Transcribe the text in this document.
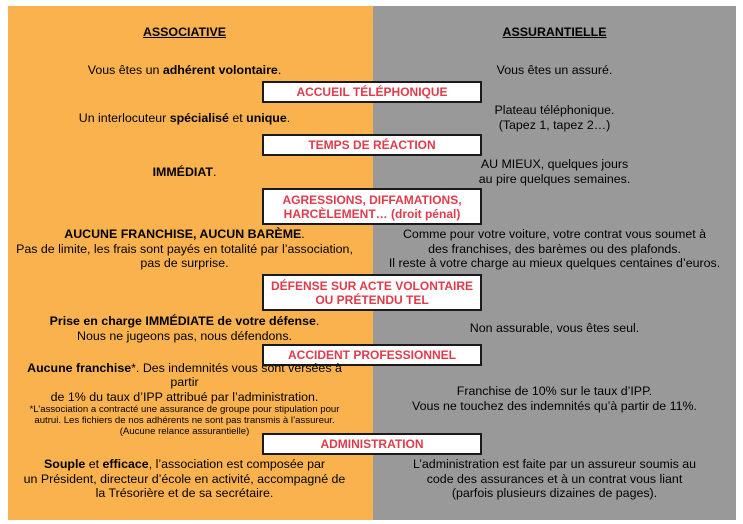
ASSOCIATIVE	ASSURANTIELLE
Vous êtes un adhérent volontaire.	Vous êtes un assuré.
ACCUEIL TÉLÉPHONIQUE
Un interlocuteur spécialisé et unique.
Plateau téléphonique.
(Tapez 1, tapez 2…)
TEMPS DE RÉACTION
IMMÉDIAT.
AU MIEUX, quelques jours
au pire quelques semaines.
AGRESSIONS, DIFFAMATIONS,
HARCÈLEMENT… (droit pénal)
AUCUNE FRANCHISE, AUCUN BARÈME.
Pas de limite, les frais sont payés en totalité par l’association,
pas de surprise.
Comme pour votre voiture, votre contrat vous soumet à
des franchises, des barèmes ou des plafonds.
Il reste à votre charge au mieux quelques centaines d’euros.
DÉFENSE SUR ACTE VOLONTAIRE
OU PRÉTENDU TEL
Prise en charge IMMÉDIATE de votre défense.
Nous ne jugeons pas, nous défendons.
Non assurable, vous êtes seul.
ACCIDENT PROFESSIONNEL
Aucune franchise*. Des indemnités vous sont versées à partir
de 1% du taux d’IPP attribué par l’administration.
*L’association a contracté une assurance de groupe pour stipulation pour
autrui. Les fichiers de nos adhérents ne sont pas transmis à l’assureur.
(Aucune relance assurantielle)
Franchise de 10% sur le taux d’IPP.
Vous ne touchez des indemnités qu’à partir de 11%.
ADMINISTRATION
Souple et efficace, l’association est composée par
un Président, directeur d’école en activité, accompagné de
la Trésorière et de sa secrétaire.
L’administration est faite par un assureur soumis au
code des assurances et à un contrat vous liant
(parfois plusieurs dizaines de pages).
